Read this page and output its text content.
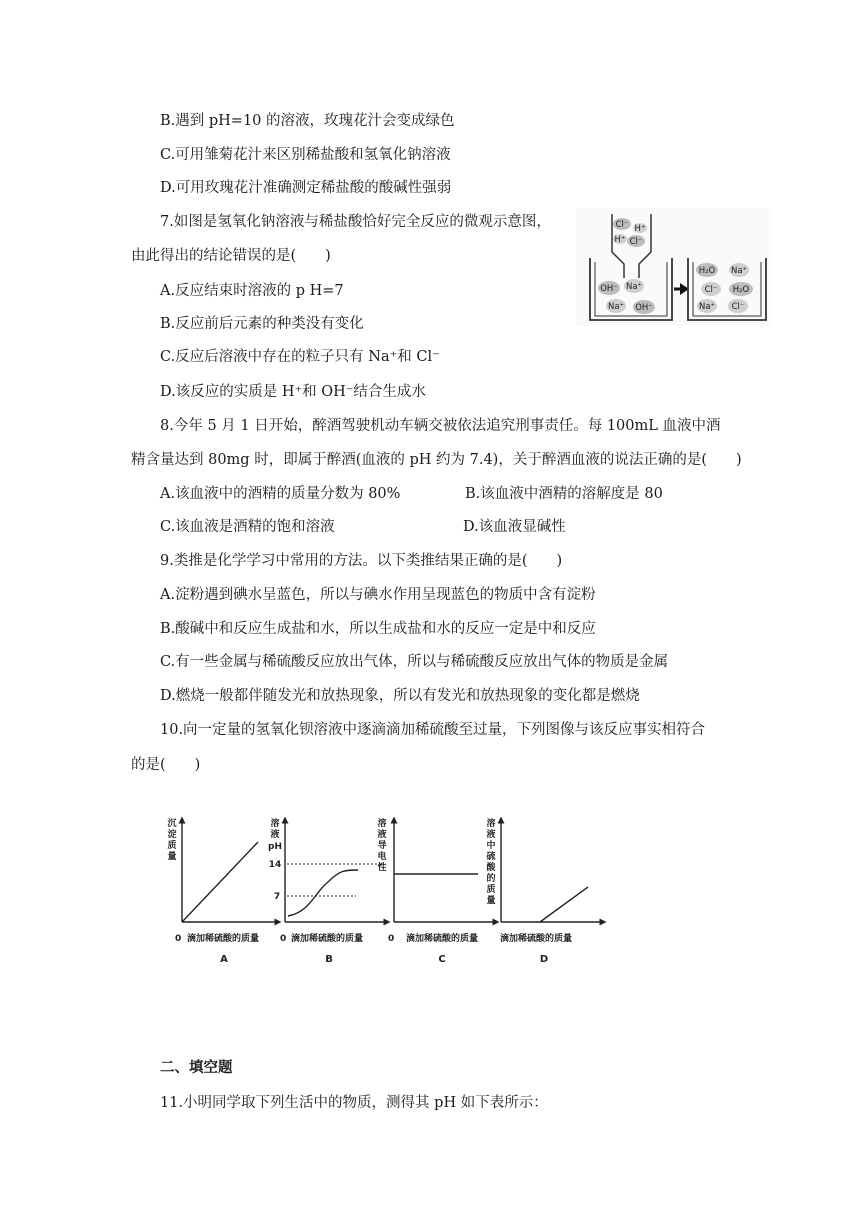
B.遇到 pH=10 的溶液，玫瑰花汁会变成绿色
C.可用雏菊花汁来区别稀盐酸和氢氧化钠溶液
D.可用玫瑰花汁准确测定稀盐酸的酸碱性强弱
7.如图是氢氧化钠溶液与稀盐酸恰好完全反应的微观示意图，
由此得出的结论错误的是(　　)
A.反应结束时溶液的 p H=7
B.反应前后元素的种类没有变化
C.反应后溶液中存在的粒子只有 Na⁺和 Cl⁻
D.该反应的实质是 H⁺和 OH⁻结合生成水
Cl⁻ H⁺
H⁺ Cl⁻
OH⁻ Na⁺
Na⁺ OH⁻
H₂O Na⁺
Cl⁻ H₂O
Na⁺ Cl⁻
8.今年 5 月 1 日开始，醉酒驾驶机动车辆交被依法追究刑事责任。每 100mL 血液中酒
精含量达到 80mg 时，即属于醉酒(血液的 pH 约为 7.4)，关于醉酒血液的说法正确的是(　　)
A.该血液中的酒精的质量分数为 80%	B.该血液中酒精的溶解度是 80
C.该血液是酒精的饱和溶液	D.该血液显碱性
9.类推是化学学习中常用的方法。以下类推结果正确的是(　　)
A.淀粉遇到碘水呈蓝色，所以与碘水作用呈现蓝色的物质中含有淀粉
B.酸碱中和反应生成盐和水，所以生成盐和水的反应一定是中和反应
C.有一些金属与稀硫酸反应放出气体，所以与稀硫酸反应放出气体的物质是金属
D.燃烧一般都伴随发光和放热现象，所以有发光和放热现象的变化都是燃烧
10.向一定量的氢氧化钡溶液中逐滴滴加稀硫酸至过量，下列图像与该反应事实相符合
的是(　　)
沉
淀
质
量
溶
液
pH
14
7
溶
液
导
电
性
溶
液
中
硫
酸
的
质
量
0 滴加稀硫酸的质量 0 滴加稀硫酸的质量	0 滴加稀硫酸的质量 滴加稀硫酸的质量
A	B	C	D
二、填空题
11.小明同学取下列生活中的物质，测得其 pH 如下表所示：
